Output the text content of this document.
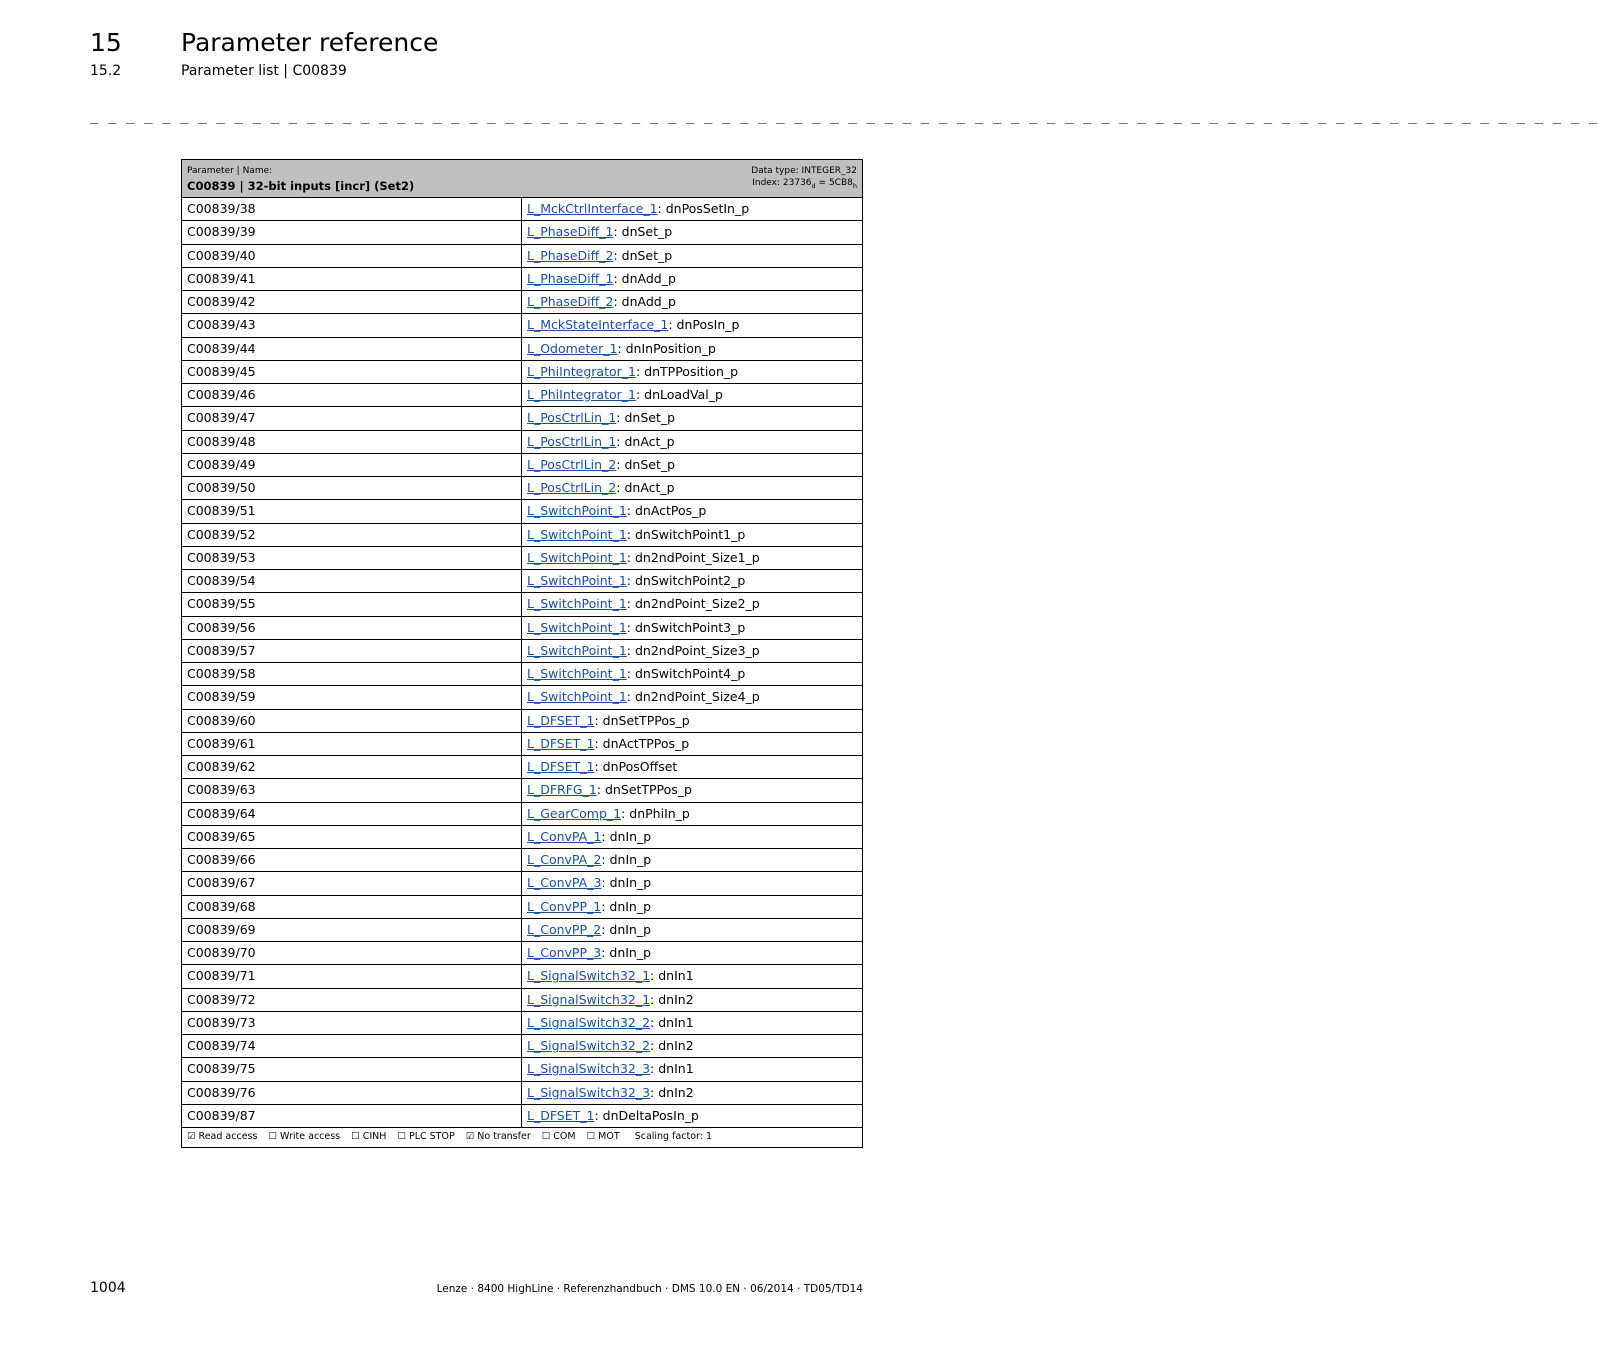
15 Parameter reference
15.2	Parameter list | C00839
_ _ _ _ _ _ _ _ _ _ _ _ _ _ _ _ _ _ _ _ _ _ _ _ _ _ _ _ _ _ _ _ _ _ _ _ _ _ _ _ _ _ _ _ _ _ _ _ _ _ _ _ _ _ _ _ _ _ _ _ _ _ _ _ _ _ _ _ _ _ _ _ _ _ _ _ _ _ _ _ _ _ _ _
Parameter | Name:
C00839 | 32-bit inputs [incr] (Set2)
Data type: INTEGER_32
Index: $23736_d = 5CB8_h$
C00839/38	L_MckCtrlInterface_1: dnPosSetIn_p
C00839/39	L_PhaseDiff_1: dnSet_p
C00839/40	L_PhaseDiff_2: dnSet_p
C00839/41	L_PhaseDiff_1: dnAdd_p
C00839/42	L_PhaseDiff_2: dnAdd_p
C00839/43	L_MckStateInterface_1: dnPosIn_p
C00839/44	L_Odometer_1: dnInPosition_p
C00839/45	L_PhiIntegrator_1: dnTPPosition_p
C00839/46	L_PhiIntegrator_1: dnLoadVal_p
C00839/47	L_PosCtrlLin_1: dnSet_p
C00839/48	L_PosCtrlLin_1: dnAct_p
C00839/49	L_PosCtrlLin_2: dnSet_p
C00839/50	L_PosCtrlLin_2: dnAct_p
C00839/51	L_SwitchPoint_1: dnActPos_p
C00839/52	L_SwitchPoint_1: dnSwitchPoint1_p
C00839/53	L_SwitchPoint_1: dn2ndPoint_Size1_p
C00839/54	L_SwitchPoint_1: dnSwitchPoint2_p
C00839/55	L_SwitchPoint_1: dn2ndPoint_Size2_p
C00839/56	L_SwitchPoint_1: dnSwitchPoint3_p
C00839/57	L_SwitchPoint_1: dn2ndPoint_Size3_p
C00839/58	L_SwitchPoint_1: dnSwitchPoint4_p
C00839/59	L_SwitchPoint_1: dn2ndPoint_Size4_p
C00839/60	L_DFSET_1: dnSetTPPos_p
C00839/61	L_DFSET_1: dnActTPPos_p
C00839/62	L_DFSET_1: dnPosOffset
C00839/63	L_DFRFG_1: dnSetTPPos_p
C00839/64	L_GearComp_1: dnPhiIn_p
C00839/65	L_ConvPA_1: dnIn_p
C00839/66	L_ConvPA_2: dnIn_p
C00839/67	L_ConvPA_3: dnIn_p
C00839/68	L_ConvPP_1: dnIn_p
C00839/69	L_ConvPP_2: dnIn_p
C00839/70	L_ConvPP_3: dnIn_p
C00839/71	L_SignalSwitch32_1: dnIn1
C00839/72	L_SignalSwitch32_1: dnIn2
C00839/73	L_SignalSwitch32_2: dnIn1
C00839/74	L_SignalSwitch32_2: dnIn2
C00839/75	L_SignalSwitch32_3: dnIn1
C00839/76	L_SignalSwitch32_3: dnIn2
C00839/87	L_DFSET_1: dnDeltaPosIn_p
☑ Read access ☐ Write access ☐ CINH ☐ PLC STOP ☑ No transfer ☐ COM ☐ MOT Scaling factor: 1
1004	Lenze · 8400 HighLine · Referenzhandbuch · DMS 10.0 EN · 06/2014 · TD05/TD14
